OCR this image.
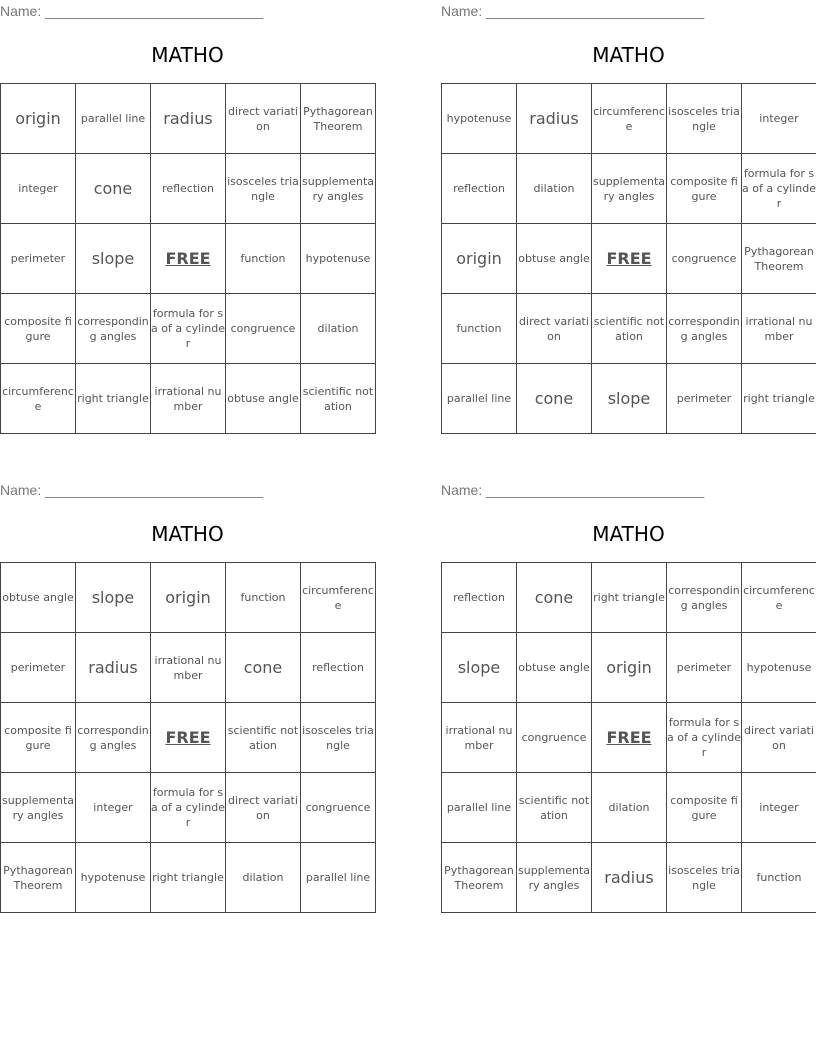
Name: ____________________________
MATHO
origin	parallel line	radius	direct variation	Pythagorean Theorem
integer	cone	reflection	isosceles triangle	supplementary angles
perimeter	slope	FREE	function	hypotenuse
composite figure	corresponding angles	formula for sa of a cylinder	congruence	dilation
circumference	right triangle	irrational number	obtuse angle	scientific notation
Name: ____________________________
MATHO
hypotenuse	radius	circumference	isosceles triangle	integer
reflection	dilation	supplementary angles	composite figure	formula for sa of a cylinder
origin	obtuse angle	FREE	congruence	Pythagorean Theorem
function	direct variation	scientific notation	corresponding angles	irrational number
parallel line	cone	slope	perimeter	right triangle
Name: ____________________________
MATHO
obtuse angle	slope	origin	function	circumference
perimeter	radius	irrational number	cone	reflection
composite figure	corresponding angles	FREE	scientific notation	isosceles triangle
supplementary angles	integer	formula for sa of a cylinder	direct variation	congruence
Pythagorean Theorem	hypotenuse	right triangle	dilation	parallel line
Name: ____________________________
MATHO
reflection	cone	right triangle	corresponding angles	circumference
slope	obtuse angle	origin	perimeter	hypotenuse
irrational number	congruence	FREE	formula for sa of a cylinder	direct variation
parallel line	scientific notation	dilation	composite figure	integer
Pythagorean Theorem	supplementary angles	radius	isosceles triangle	function
